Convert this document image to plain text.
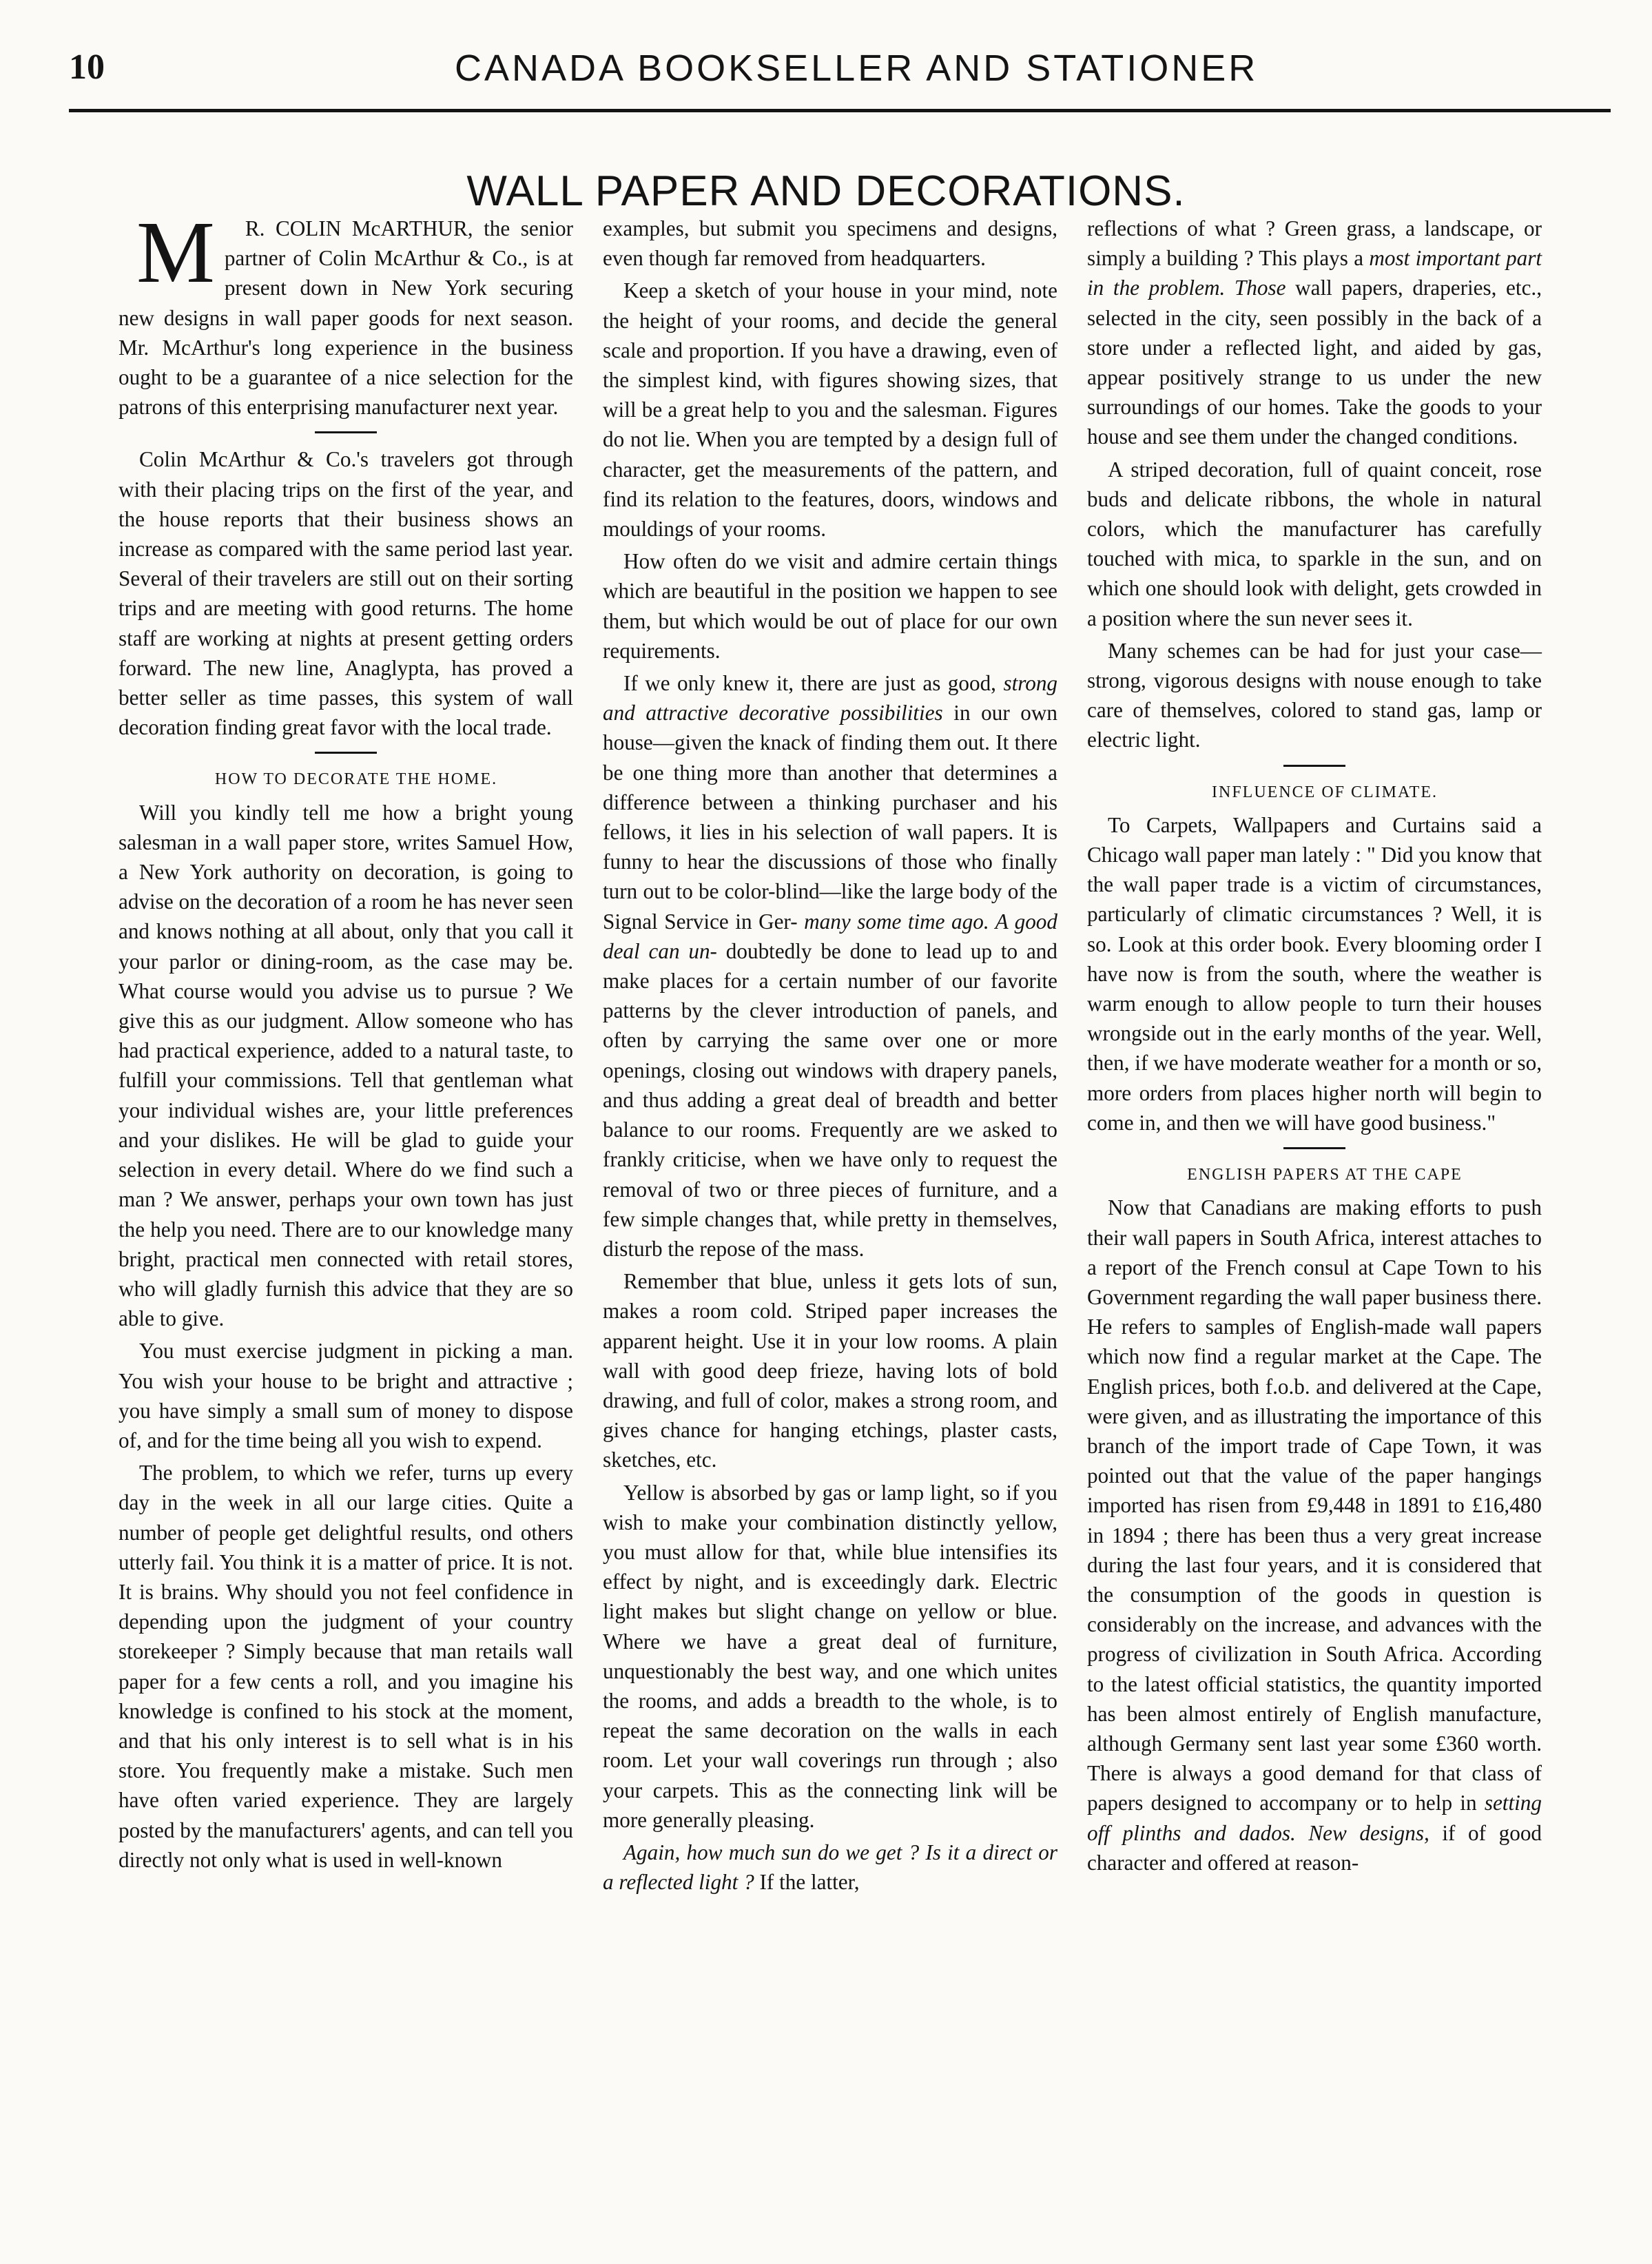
10	CANADA BOOKSELLER AND STATIONER
WALL PAPER AND DECORATIONS.

M R. COLIN McARTHUR, the senior partner of Colin McArthur & Co., is at present down in New York securing new designs in wall paper goods for next season. Mr. McArthur's long experience in the business ought to be a guarantee of a nice selection for the patrons of this enterprising manufacturer next year.

Colin McArthur & Co.'s travelers got through with their placing trips on the first of the year, and the house reports that their business shows an increase as compared with the same period last year. Several of their travelers are still out on their sorting trips and are meeting with good returns. The home staff are working at nights at present getting orders forward. The new line, Anaglypta, has proved a better seller as time passes, this system of wall decoration finding great favor with the local trade.

HOW TO DECORATE THE HOME.

Will you kindly tell me how a bright young salesman in a wall paper store, writes Samuel How, a New York authority on decoration, is going to advise on the decoration of a room he has never seen and knows nothing at all about, only that you call it your parlor or dining-room, as the case may be. What course would you advise us to pursue ? We give this as our judgment. Allow someone who has had practical experience, added to a natural taste, to fulfill your commissions. Tell that gentleman what your individual wishes are, your little preferences and your dislikes. He will be glad to guide your selection in every detail. Where do we find such a man ? We answer, perhaps your own town has just the help you need. There are to our knowledge many bright, practical men connected with retail stores, who will gladly furnish this advice that they are so able to give.

You must exercise judgment in picking a man. You wish your house to be bright and attractive ; you have simply a small sum of money to dispose of, and for the time being all you wish to expend.

The problem, to which we refer, turns up every day in the week in all our large cities. Quite a number of people get delightful results, ond others utterly fail. You think it is a matter of price. It is not. It is brains. Why should you not feel confidence in depending upon the judgment of your country storekeeper ? Simply because that man retails wall paper for a few cents a roll, and you imagine his knowledge is confined to his stock at the moment, and that his only interest is to sell what is in his store. You frequently make a mistake. Such men have often varied experience. They are largely posted by the manufacturers' agents, and can tell you directly not only what is used in well-known

examples, but submit you specimens and designs, even though far removed from headquarters.

Keep a sketch of your house in your mind, note the height of your rooms, and decide the general scale and proportion. If you have a drawing, even of the simplest kind, with figures showing sizes, that will be a great help to you and the salesman. Figures do not lie. When you are tempted by a design full of character, get the measurements of the pattern, and find its relation to the features, doors, windows and mouldings of your rooms.

How often do we visit and admire certain things which are beautiful in the position we happen to see them, but which would be out of place for our own requirements.

If we only knew it, there are just as good, strong and attractive decorative possibilities in our own house—given the knack of finding them out. It there be one thing more than another that determines a difference between a thinking purchaser and his fellows, it lies in his selection of wall papers. It is funny to hear the discussions of those who finally turn out to be color-blind—like the large body of the Signal Service in Ger- many some time ago. A good deal can un- doubtedly be done to lead up to and make places for a certain number of our favorite patterns by the clever introduction of panels, and often by carrying the same over one or more openings, closing out windows with drapery panels, and thus adding a great deal of breadth and better balance to our rooms. Frequently are we asked to frankly criticise, when we have only to request the removal of two or three pieces of furniture, and a few simple changes that, while pretty in themselves, disturb the repose of the mass.

Remember that blue, unless it gets lots of sun, makes a room cold. Striped paper increases the apparent height. Use it in your low rooms. A plain wall with good deep frieze, having lots of bold drawing, and full of color, makes a strong room, and gives chance for hanging etchings, plaster casts, sketches, etc.

Yellow is absorbed by gas or lamp light, so if you wish to make your combination distinctly yellow, you must allow for that, while blue intensifies its effect by night, and is exceedingly dark. Electric light makes but slight change on yellow or blue. Where we have a great deal of furniture, unquestionably the best way, and one which unites the rooms, and adds a breadth to the whole, is to repeat the same decoration on the walls in each room. Let your wall coverings run through ; also your carpets. This as the connecting link will be more generally pleasing.

Again, how much sun do we get ? Is it a direct or a reflected light ? If the latter,

reflections of what ? Green grass, a landscape, or simply a building ? This plays a most important part in the problem. Those wall papers, draperies, etc., selected in the city, seen possibly in the back of a store under a reflected light, and aided by gas, appear positively strange to us under the new surroundings of our homes. Take the goods to your house and see them under the changed conditions.

A striped decoration, full of quaint conceit, rose buds and delicate ribbons, the whole in natural colors, which the manufacturer has carefully touched with mica, to sparkle in the sun, and on which one should look with delight, gets crowded in a position where the sun never sees it.

Many schemes can be had for just your case—strong, vigorous designs with nouse enough to take care of themselves, colored to stand gas, lamp or electric light.

INFLUENCE OF CLIMATE.

To Carpets, Wallpapers and Curtains said a Chicago wall paper man lately : " Did you know that the wall paper trade is a victim of circumstances, particularly of climatic circumstances ? Well, it is so. Look at this order book. Every blooming order I have now is from the south, where the weather is warm enough to allow people to turn their houses wrongside out in the early months of the year. Well, then, if we have moderate weather for a month or so, more orders from places higher north will begin to come in, and then we will have good business."

ENGLISH PAPERS AT THE CAPE

Now that Canadians are making efforts to push their wall papers in South Africa, interest attaches to a report of the French consul at Cape Town to his Government regarding the wall paper business there. He refers to samples of English-made wall papers which now find a regular market at the Cape. The English prices, both f.o.b. and delivered at the Cape, were given, and as illustrating the importance of this branch of the import trade of Cape Town, it was pointed out that the value of the paper hangings imported has risen from £9,448 in 1891 to £16,480 in 1894 ; there has been thus a very great increase during the last four years, and it is considered that the consumption of the goods in question is considerably on the increase, and advances with the progress of civilization in South Africa. According to the latest official statistics, the quantity imported has been almost entirely of English manufacture, although Germany sent last year some £360 worth. There is always a good demand for that class of papers designed to accompany or to help in setting off plinths and dados. New designs, if of good character and offered at reason-
